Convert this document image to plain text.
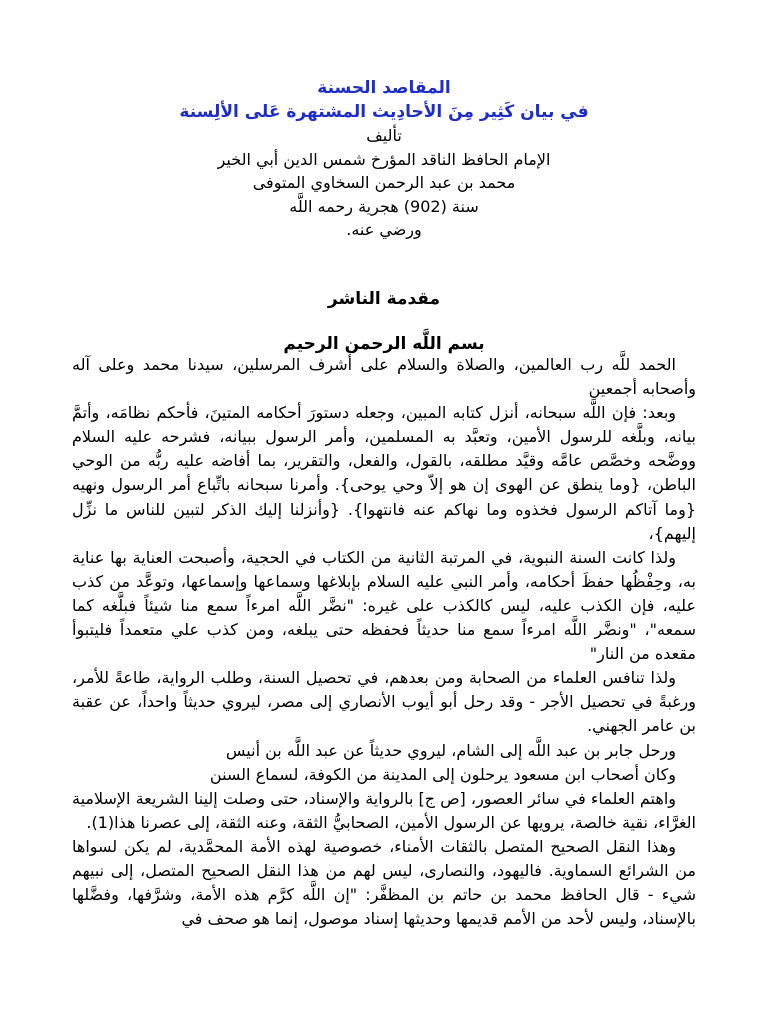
المقاصد الحسنة
في بيان كَثِير مِنَ الأحادِيث المشتهرة عَلى الألِسنة
تأليف
الإمام الحافظ الناقد المؤرخ شمس الدين أبي الخير
محمد بن عبد الرحمن السخاوي المتوفى
سنة (902) هجرية رحمه اللَّه
ورضي عنه.
مقدمة الناشر
بسم اللَّه الرحمن الرحيم

الحمد للَّه رب العالمين، والصلاة والسلام على أشرف المرسلين، سيدنا محمد وعلى آله وأصحابه أجمعين

وبعد: فإن اللَّه سبحانه، أنزل كتابه المبين، وجعله دستورَ أحكامه المتينَ، فأحكم نظامَه، وأتمَّ بيانه، وبلَّغه للرسول الأمين، وتعبَّد به المسلمين، وأمر الرسول ببيانه، فشرحه عليه السلام ووضَّحه وخصَّص عامَّه وقيَّد مطلقه، بالقول، والفعل، والتقرير، بما أفاضه عليه ربُّه من الوحي الباطن، {وما ينطق عن الهوى إن هو إلاّ وحي يوحى}. وأمرنا سبحانه باتِّباع أمر الرسول ونهيه {وما آتاكم الرسول فخذوه وما نهاكم عنه فانتهوا}. {وأنزلنا إليك الذكر لتبين للناس ما نزِّل إليهم}،

ولذا كانت السنة النبوية، في المرتبة الثانية من الكتاب في الحجية، وأصبحت العناية بها عناية به، وحِفْظُها حفظَ أحكامه، وأمر النبي عليه السلام بإبلاغها وسماعها وإسماعها، وتوعَّد من كذب عليه، فإن الكذب عليه، ليس كالكذب على غيره: "نضَّر اللَّه امرءاً سمع منا شيئاً فبلَّغه كما سمعه"، "ونضَّر اللَّه امرءاً سمع منا حديثاً فحفظه حتى يبلغه، ومن كذب علي متعمداً فليتبوأ مقعده من النار"

ولذا تنافس العلماء من الصحابة ومن بعدهم، في تحصيل السنة، وطلب الرواية، طاعةً للأمر، ورغبةً في تحصيل الأجر - وقد رحل أبو أيوب الأنصاري إلى مصر، ليروي حديثاً واحداً، عن عقبة بن عامر الجهني.

ورحل جابر بن عبد اللَّه إلى الشام، ليروي حديثاً عن عبد اللَّه بن أنيس

وكان أصحاب ابن مسعود يرحلون إلى المدينة من الكوفة، لسماع السنن

واهتم العلماء في سائر العصور، [ص ج] بالرواية والإسناد، حتى وصلت إلينا الشريعة الإسلامية الغرَّاء، نقية خالصة، يرويها عن الرسول الأمين، الصحابيُّ الثقة، وعنه الثقة، إلى عصرنا هذا(1).

وهذا النقل الصحيح المتصل بالثقات الأمناء، خصوصية لهذه الأمة المحمَّدية، لم يكن لسواها من الشرائع السماوية. فاليهود، والنصارى، ليس لهم من هذا النقل الصحيح المتصل، إلى نبيهم شيء - قال الحافظ محمد بن حاتم بن المظفَّر: "إن اللَّه كرَّم هذه الأمة، وشرَّفها، وفضَّلها بالإسناد، وليس لأحد من الأمم قديمها وحديثها إسناد موصول، إنما هو صحف في
